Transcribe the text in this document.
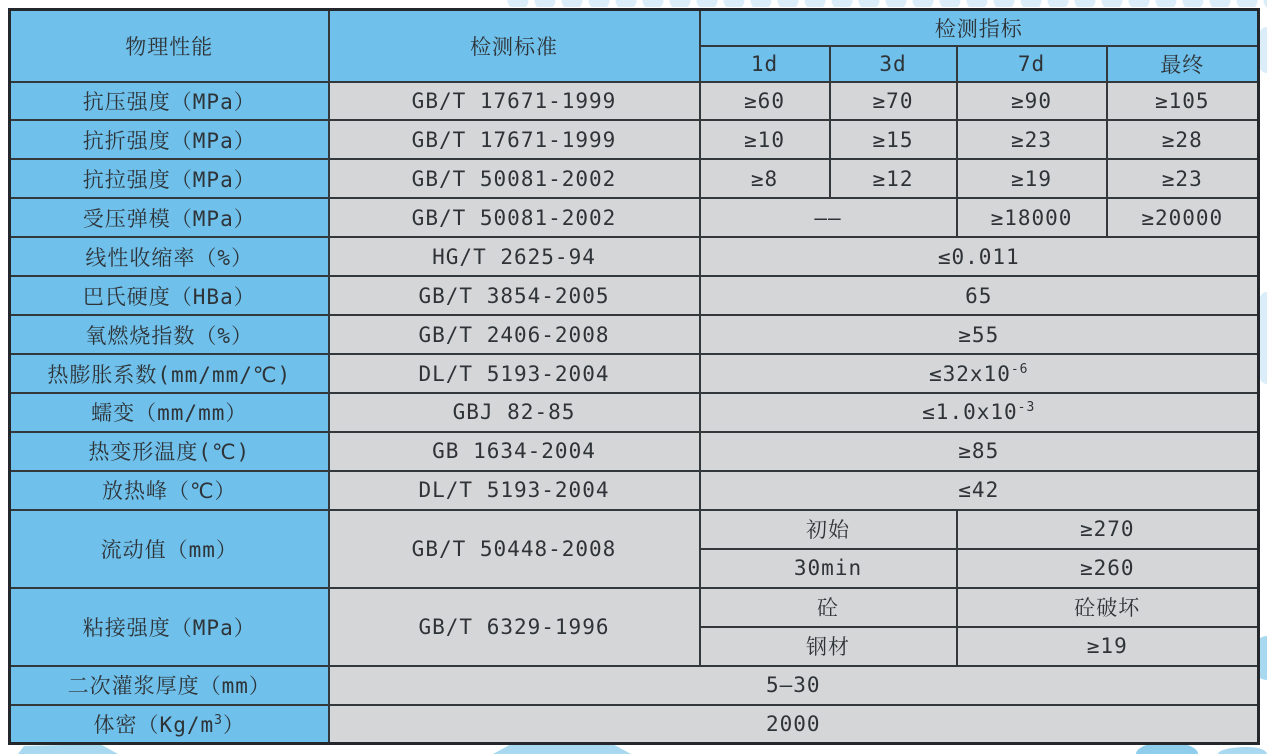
物理性能	检测标准	检测指标			
		1d	3d	7d	最终
抗压强度（MPa）	GB/T 17671-1999	≥60	≥70	≥90	≥105
抗折强度（MPa）	GB/T 17671-1999	≥10	≥15	≥23	≥28
抗拉强度（MPa）	GB/T 50081-2002	≥8	≥12	≥19	≥23
受压弹模（MPa）	GB/T 50081-2002	——		≥18000	≥20000
线性收缩率（%）	HG/T 2625-94	≤0.011			
巴氏硬度（HBa）	GB/T 3854-2005	65			
氧燃烧指数（%）	GB/T 2406-2008	≥55			
热膨胀系数(mm/mm/℃)	DL/T 5193-2004	$\le 32x10^{-6}$
蠕变（mm/mm）	GBJ 82-85	$\le 1.0x10^{-3}$
热变形温度(℃)	GB 1634-2004	≥85			
放热峰（℃）	DL/T 5193-2004	≤42			
流动值（mm）	GB/T 50448-2008	初始		≥270	
		30min		≥260	
粘接强度（MPa）	GB/T 6329-1996	砼		砼破坏	
		钢材		≥19	
二次灌浆厚度（mm）	5—30				
体密$(Kg/m^3)$	2000				
